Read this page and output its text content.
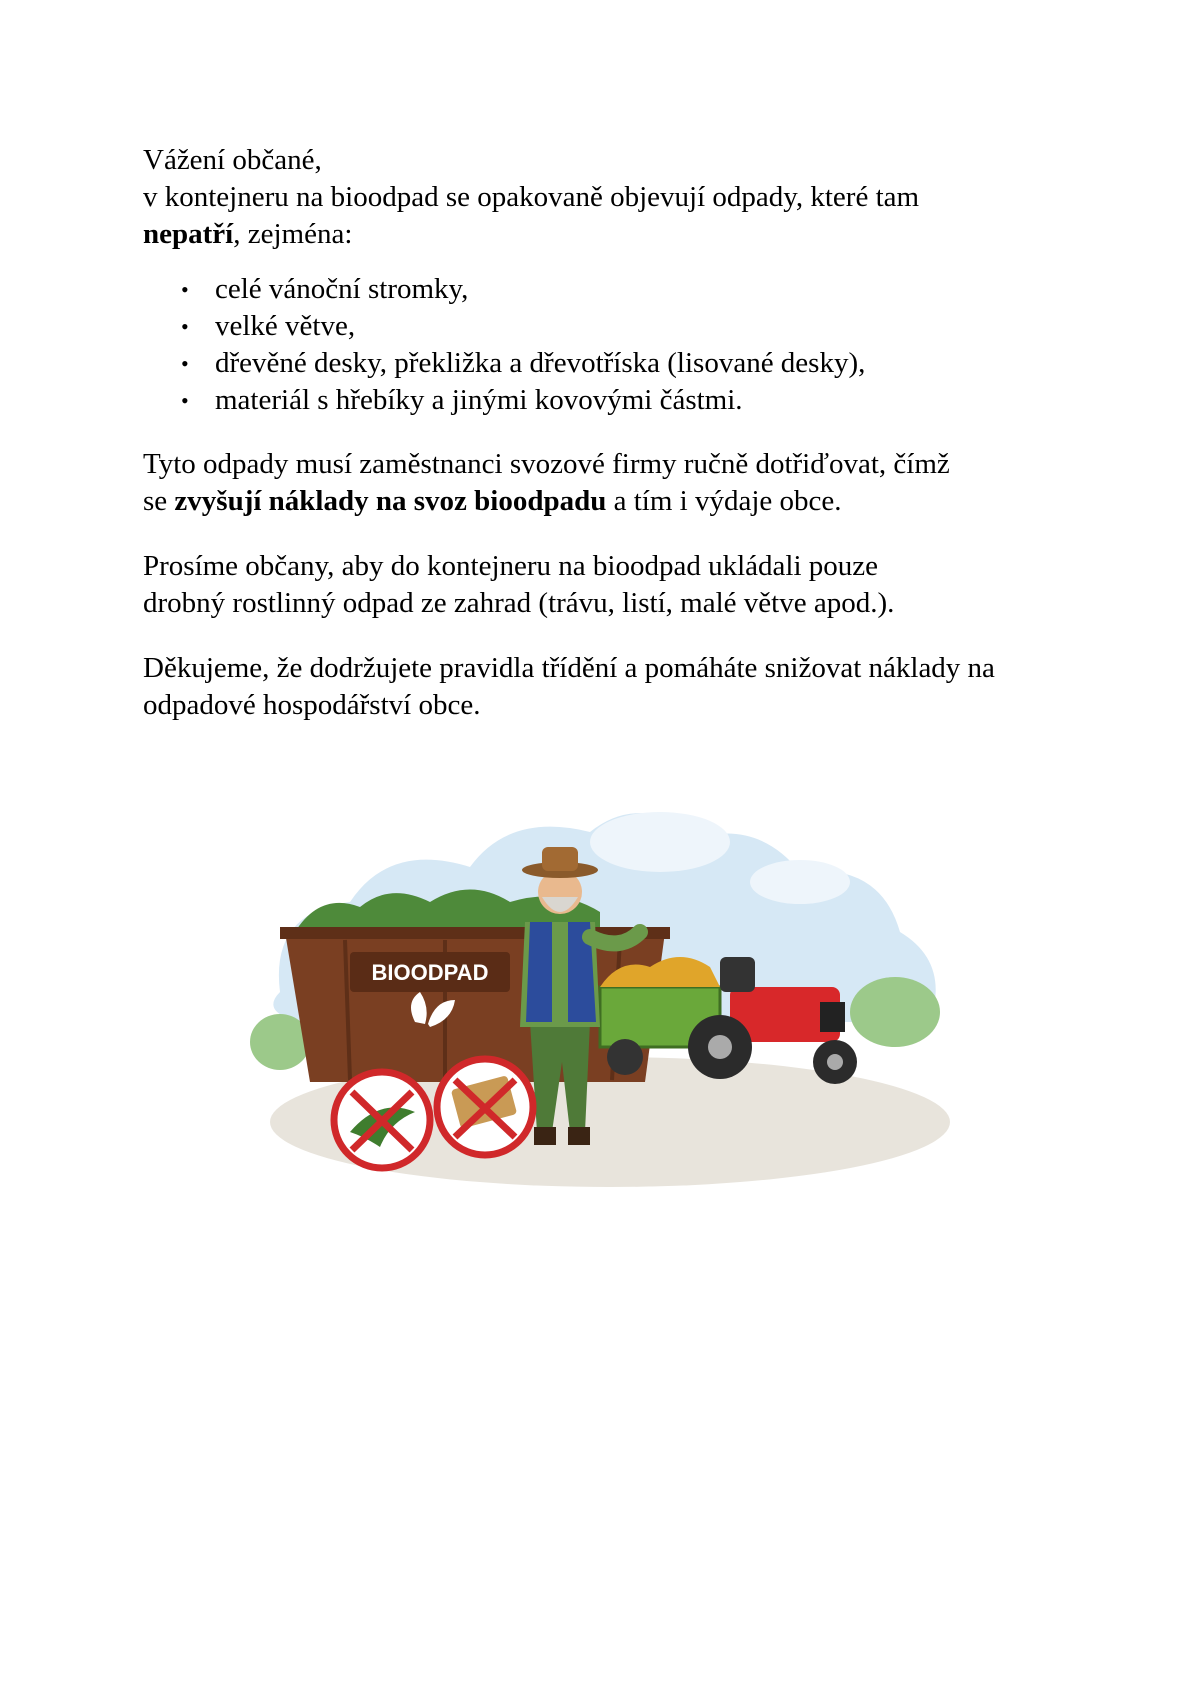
Vážení občané,

v kontejneru na bioodpad se opakovaně objevují odpady, které tam nepatří, zejména:

• celé vánoční stromky,
• velké větve,
• dřevěné desky, překližka a dřevotříska (lisované desky),
• materiál s hřebíky a jinými kovovými částmi.

Tyto odpady musí zaměstnanci svozové firmy ručně dotřiďovat, čímž
se zvyšují náklady na svoz bioodpadu a tím i výdaje obce.

Prosíme občany, aby do kontejneru na bioodpad ukládali pouze drobný rostlinný odpad ze zahrad (trávu, listí, malé větve apod.).

Děkujeme, že dodržujete pravidla třídění a pomáháte snižovat náklady na odpadové hospodářství obce.

BIOODPAD
